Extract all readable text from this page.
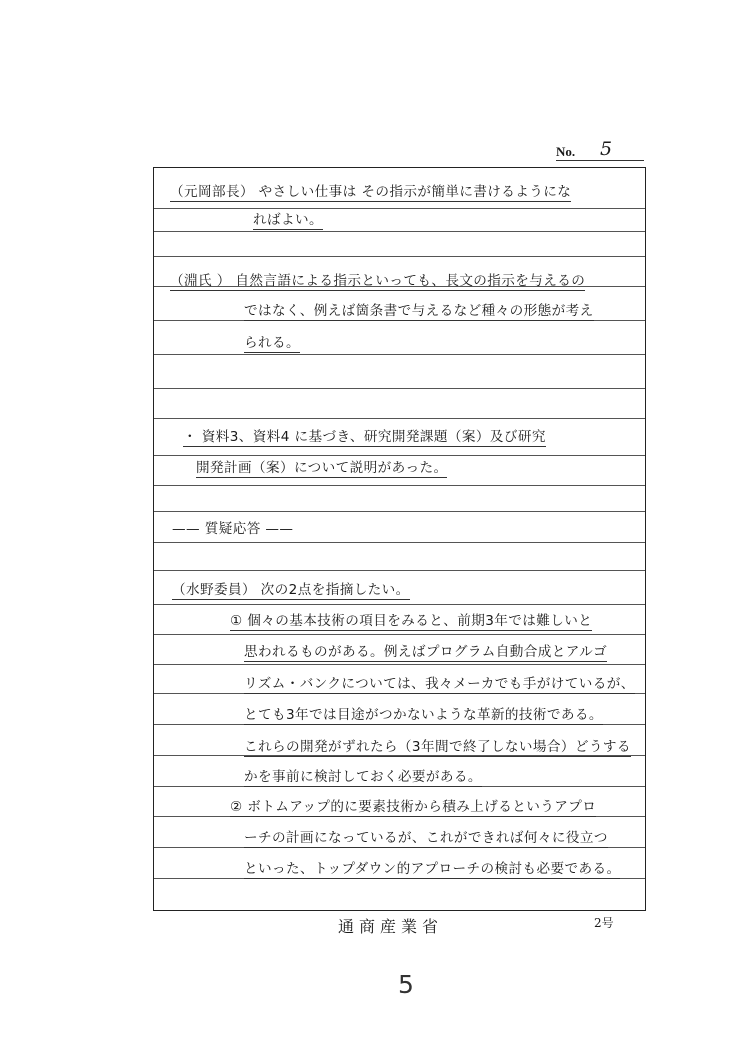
No. 5
（元岡部長） やさしい仕事は その指示が簡単に書けるようにな
ればよい。
（淵氏 ） 自然言語による指示といっても、長文の指示を与えるの
ではなく、例えば箇条書で与えるなど種々の形態が考え
られる。
・ 資料3、資料4 に基づき、研究開発課題（案）及び研究
開発計画（案）について説明があった。
—— 質疑応答 ——
（水野委員） 次の2点を指摘したい。
① 個々の基本技術の項目をみると、前期3年では難しいと
思われるものがある。例えばプログラム自動合成とアルゴ
リズム・バンクについては、我々メーカでも手がけているが、
とても3年では目途がつかないような革新的技術である。
これらの開発がずれたら（3年間で終了しない場合）どうする
かを事前に検討しておく必要がある。
② ボトムアップ的に要素技術から積み上げるというアプロ
ーチの計画になっているが、これができれば何々に役立つ
といった、トップダウン的アプローチの検討も必要である。
通商産業省	2号
5
